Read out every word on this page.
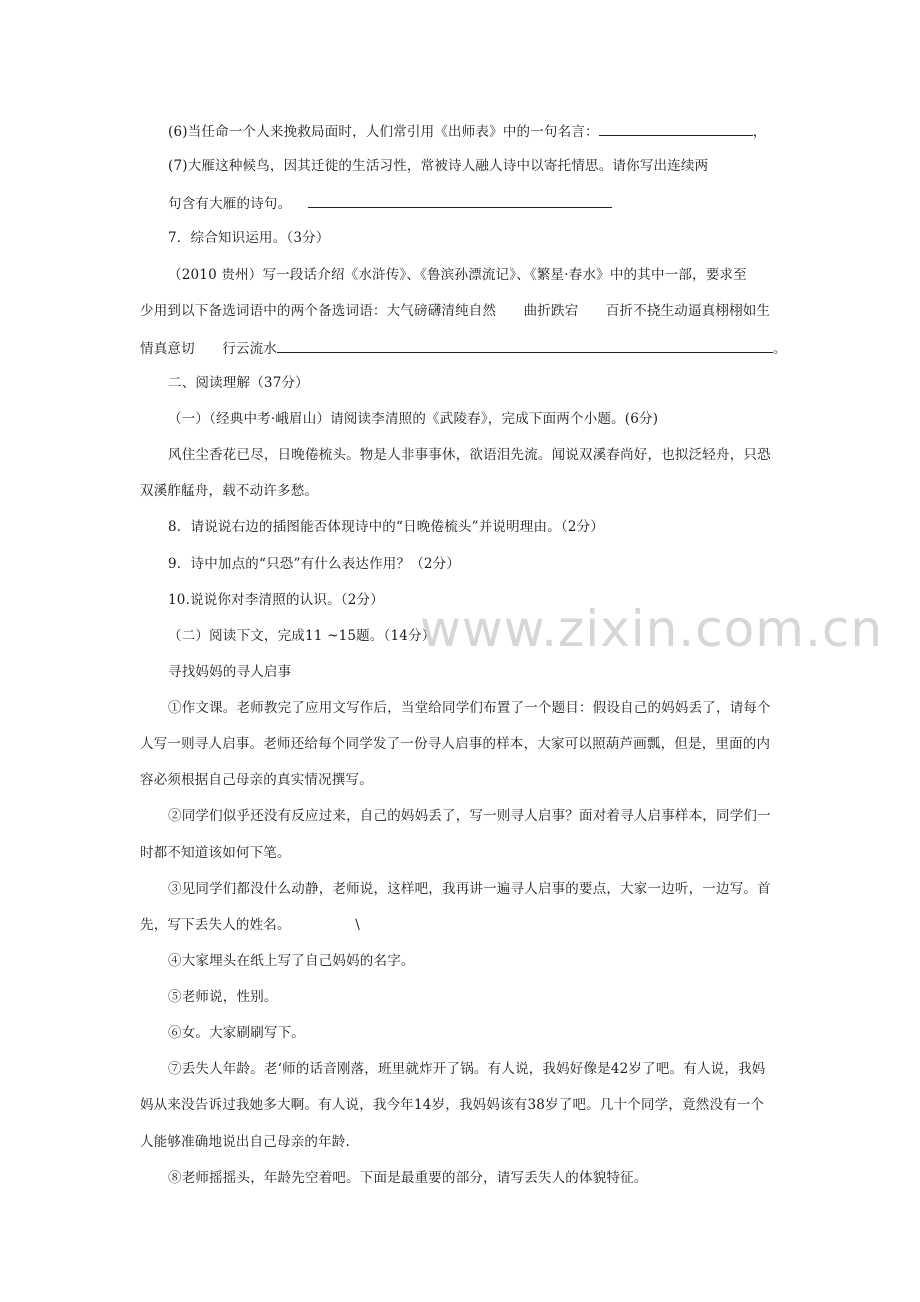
(6)当任命一个人来挽救局面时，人们常引用《出师表》中的一句名言：	，
(7)大雁这种候鸟，因其迁徙的生活习性，常被诗人融人诗中以寄托情思。请你写出连续两
句含有大雁的诗句。
7．综合知识运用。（3分）
（2010 贵州）写一段话介绍《水浒传》、《鲁滨孙漂流记》、《繁星·春水》中的其中一部，要求至
少用到以下备选词语中的两个备选词语：大气磅礴清纯自然　　曲折跌宕　　百折不挠生动逼真栩栩如生
情真意切　　行云流水	。
二、阅读理解（37分）
（一）（经典中考·峨眉山）请阅读李清照的《武陵春》，完成下面两个小题。(6分)
风住尘香花已尽，日晚倦梳头。物是人非事事休，欲语泪先流。闻说双溪春尚好，也拟泛轻舟，只恐
双溪舴艋舟，载不动许多愁。
8．请说说右边的插图能否体现诗中的“日晚倦梳头”并说明理由。（2分）
9．诗中加点的“只恐”有什么表达作用？（2分）
10.说说你对李清照的认识。（2分）
（二）阅读下文，完成11 ~15题。（14分）
寻找妈妈的寻人启事
①作文课。老师教完了应用文写作后，当堂给同学们布置了一个题目：假设自己的妈妈丢了，请每个
人写一则寻人启事。老师还给每个同学发了一份寻人启事的样本，大家可以照葫芦画瓢，但是，里面的内
容必须根据自己母亲的真实情况撰写。
②同学们似乎还没有反应过来，自己的妈妈丢了，写一则寻人启事？面对着寻人启事样本，同学们一
时都不知道该如何下笔。
③见同学们都没什么动静，老师说，这样吧，我再讲一遍寻人启事的要点，大家一边听，一边写。首
先，写下丢失人的姓名。	\
④大家埋头在纸上写了自己妈妈的名字。
⑤老师说，性别。
⑥女。大家刷刷写下。
⑦丢失人年龄。老‘师的话音刚落，班里就炸开了锅。有人说，我妈好像是42岁了吧。有人说，我妈
妈从来没告诉过我她多大啊。有人说，我今年14岁，我妈妈该有38岁了吧。几十个同学，竟然没有一个
人能够准确地说出自己母亲的年龄.
⑧老师摇摇头，年龄先空着吧。下面是最重要的部分，请写丢失人的体貌特征。
www.zixin.com.cn
